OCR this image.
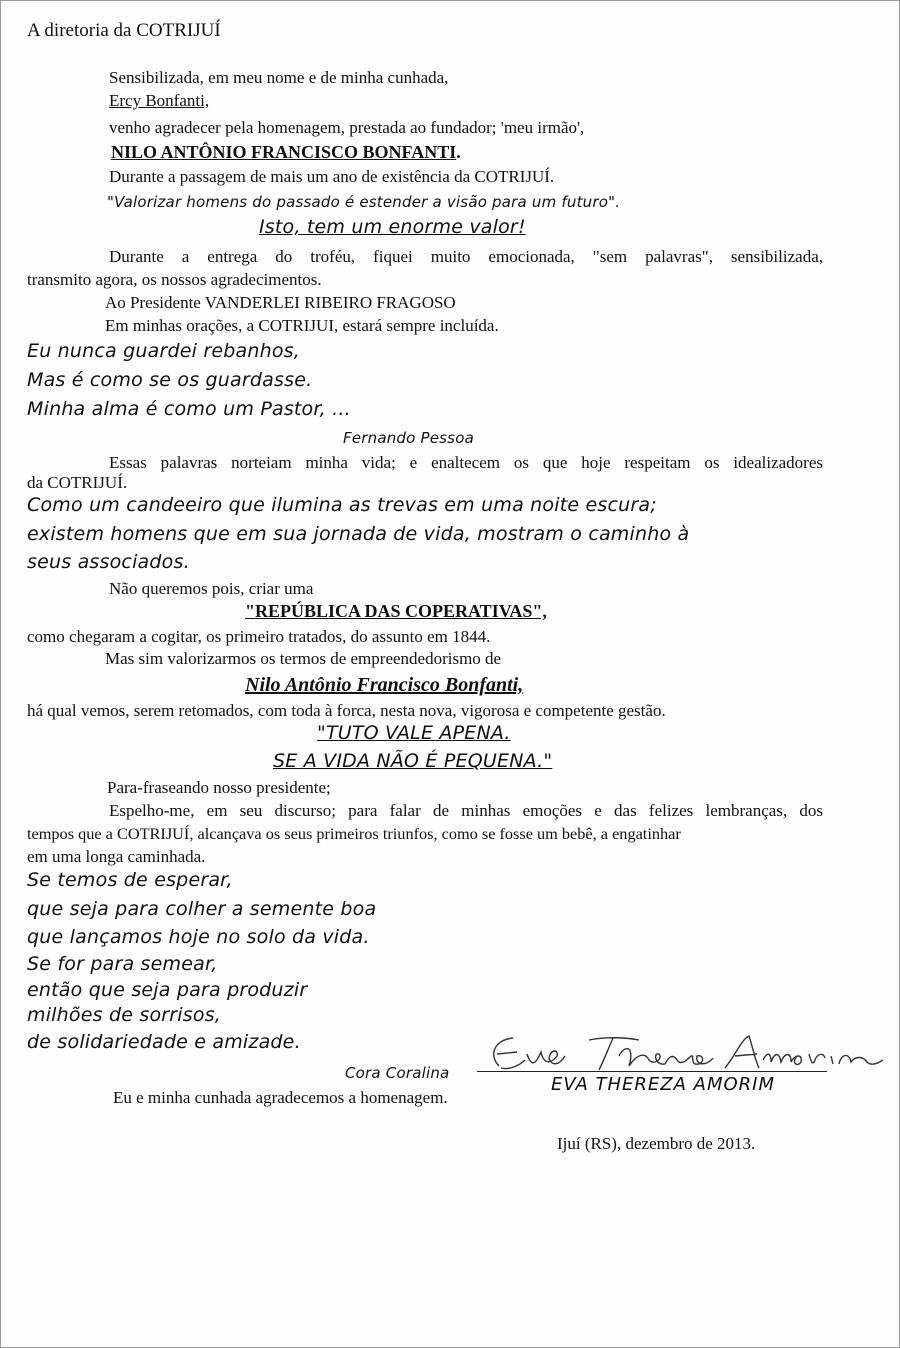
A diretoria da COTRIJUÍ
Sensibilizada, em meu nome e de minha cunhada,
Ercy Bonfanti,
venho agradecer pela homenagem, prestada ao fundador; 'meu irmão',
NILO ANTÔNIO FRANCISCO BONFANTI.
Durante a passagem de mais um ano de existência da COTRIJUÍ.
"Valorizar homens do passado é estender a visão para um futuro".
Isto, tem um enorme valor!
Durante a entrega do troféu, fiquei muito emocionada, "sem palavras", sensibilizada,
transmito agora, os nossos agradecimentos.
Ao Presidente VANDERLEI RIBEIRO FRAGOSO
Em minhas orações, a COTRIJUI, estará sempre incluída.
Eu nunca guardei rebanhos,
Mas é como se os guardasse.
Minha alma é como um Pastor, ...
Fernando Pessoa
Essas palavras norteiam minha vida; e enaltecem os que hoje respeitam os idealizadores
da COTRIJUÍ.
Como um candeeiro que ilumina as trevas em uma noite escura;
existem homens que em sua jornada de vida, mostram o caminho à
seus associados.
Não queremos pois, criar uma
"REPÚBLICA DAS COPERATIVAS",
como chegaram a cogitar, os primeiro tratados, do assunto em 1844.
Mas sim valorizarmos os termos de empreendedorismo de
Nilo Antônio Francisco Bonfanti,
há qual vemos, serem retomados, com toda à forca, nesta nova, vigorosa e competente gestão.
"TUTO VALE APENA.
SE A VIDA NÃO É PEQUENA."
Para-fraseando nosso presidente;
Espelho-me, em seu discurso; para falar de minhas emoções e das felizes lembranças, dos
tempos que a COTRIJUÍ, alcançava os seus primeiros triunfos, como se fosse um bebê, a engatinhar
em uma longa caminhada.
Se temos de esperar,
que seja para colher a semente boa
que lançamos hoje no solo da vida.
Se for para semear,
então que seja para produzir
milhões de sorrisos,
de solidariedade e amizade.
Cora Coralina
Eu e minha cunhada agradecemos a homenagem.
Ijuí (RS), dezembro de 2013.
EVA THEREZA AMORIM
